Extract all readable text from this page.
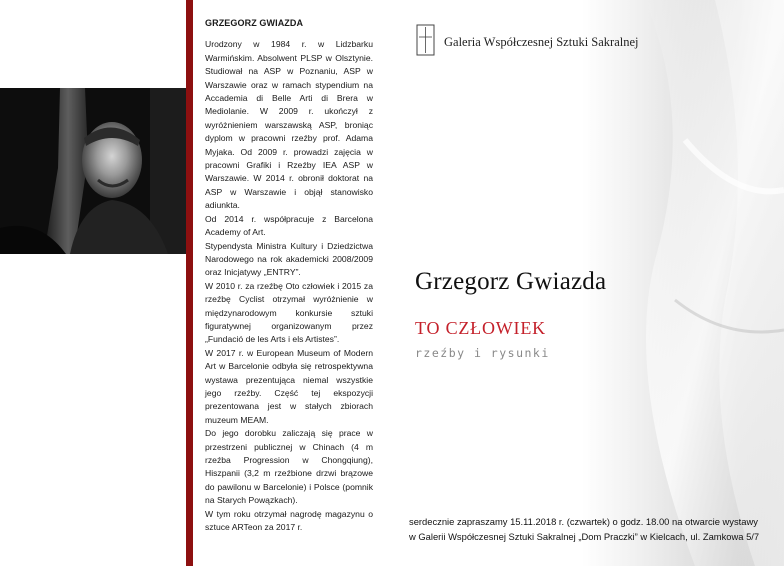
GRZEGORZ GWIAZDA

Urodzony w 1984 r. w Lidzbarku Warmińskim. Absolwent PLSP w Olsztynie. Studiował na ASP w Poznaniu, ASP w Warszawie oraz w ramach stypendium na Accademia di Belle Arti di Brera w Mediolanie. W 2009 r. ukończył z wyróżnieniem warszawską ASP, broniąc dyplom w pracowni rzeźby prof. Adama Myjaka. Od 2009 r. prowadzi zajęcia w pracowni Grafiki i Rzeźby IEA ASP w Warszawie. W 2014 r. obronił doktorat na ASP w Warszawie i objął stanowisko adiunkta.

Od 2014 r. współpracuje z Barcelona Academy of Art.

Stypendysta Ministra Kultury i Dziedzictwa Narodowego na rok akademicki 2008/2009 oraz Inicjatywy „ENTRY”.

W 2010 r. za rzeźbę Oto człowiek i 2015 za rzeźbę Cyclist otrzymał wyróżnienie w międzynarodowym konkursie sztuki figuratywnej organizowanym przez „Fundació de les Arts i els Artistes”.

W 2017 r. w European Museum of Modern Art w Barcelonie odbyła się retrospektywna wystawa prezentująca niemal wszystkie jego rzeźby. Część tej ekspozycji prezentowana jest w stałych zbiorach muzeum MEAM.

Do jego dorobku zaliczają się prace w przestrzeni publicznej w Chinach (4 m rzeźba Progression w Chongqiung), Hiszpanii (3,2 m rzeźbione drzwi brązowe do pawilonu w Barcelonie) i Polsce (pomnik na Starych Powązkach).

W tym roku otrzymał nagrodę magazynu o sztuce ARTeon za 2017 r.

Galeria Współczesnej Sztuki Sakralnej
Grzegorz Gwiazda
TO CZŁOWIEK
rzeźby i rysunki
serdecznie zapraszamy 15.11.2018 r. (czwartek) o godz. 18.00 na otwarcie wystawy
w Galerii Współczesnej Sztuki Sakralnej „Dom Praczki” w Kielcach, ul. Zamkowa 5/7
